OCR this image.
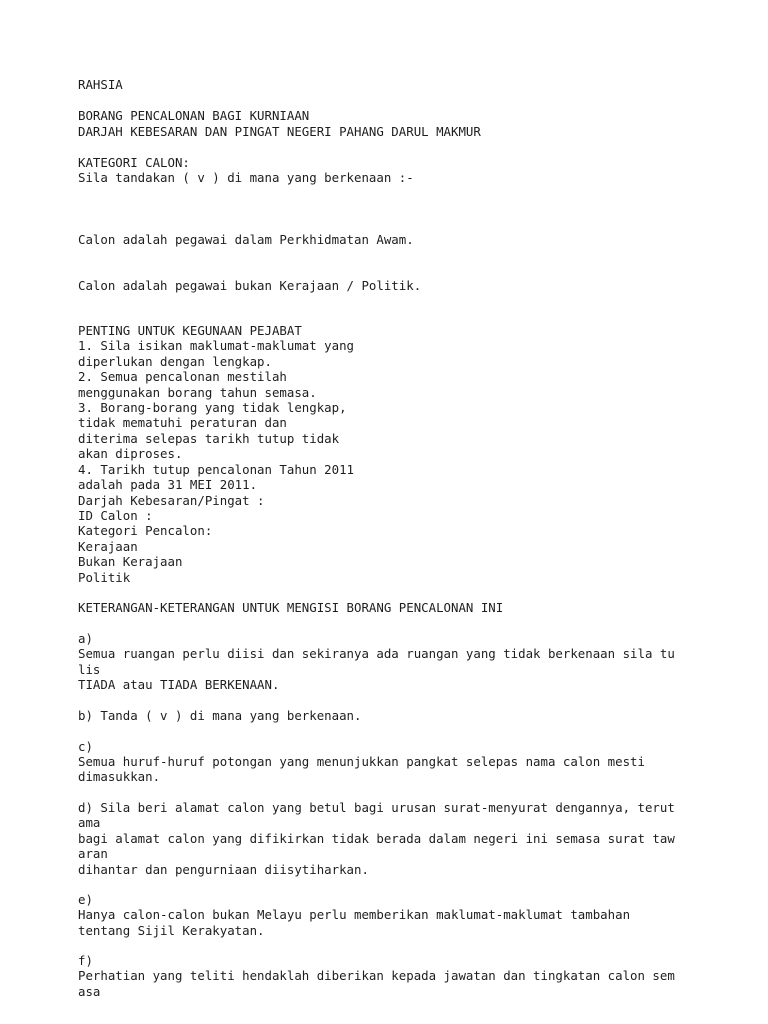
RAHSIA

BORANG PENCALONAN BAGI KURNIAAN

DARJAH KEBESARAN DAN PINGAT NEGERI PAHANG DARUL MAKMUR

KATEGORI CALON:

Sila tandakan ( v ) di mana yang berkenaan :-

Calon adalah pegawai dalam Perkhidmatan Awam.

Calon adalah pegawai bukan Kerajaan / Politik.

PENTING UNTUK KEGUNAAN PEJABAT

1. Sila isikan maklumat-maklumat yang

diperlukan dengan lengkap.

2. Semua pencalonan mestilah

menggunakan borang tahun semasa.

3. Borang-borang yang tidak lengkap,

tidak mematuhi peraturan dan

diterima selepas tarikh tutup tidak

akan diproses.

4. Tarikh tutup pencalonan Tahun 2011

adalah pada 31 MEI 2011.

Darjah Kebesaran/Pingat :

ID Calon :

Kategori Pencalon:

Kerajaan

Bukan Kerajaan

Politik

KETERANGAN-KETERANGAN UNTUK MENGISI BORANG PENCALONAN INI

a)

Semua ruangan perlu diisi dan sekiranya ada ruangan yang tidak berkenaan sila tu

lis

TIADA atau TIADA BERKENAAN.

b) Tanda ( v ) di mana yang berkenaan.

c)

Semua huruf-huruf potongan yang menunjukkan pangkat selepas nama calon mesti

dimasukkan.

d) Sila beri alamat calon yang betul bagi urusan surat-menyurat dengannya, terut

ama

bagi alamat calon yang difikirkan tidak berada dalam negeri ini semasa surat taw

aran

dihantar dan pengurniaan diisytiharkan.

e)

Hanya calon-calon bukan Melayu perlu memberikan maklumat-maklumat tambahan

tentang Sijil Kerakyatan.

f)

Perhatian yang teliti hendaklah diberikan kepada jawatan dan tingkatan calon sem

asa
